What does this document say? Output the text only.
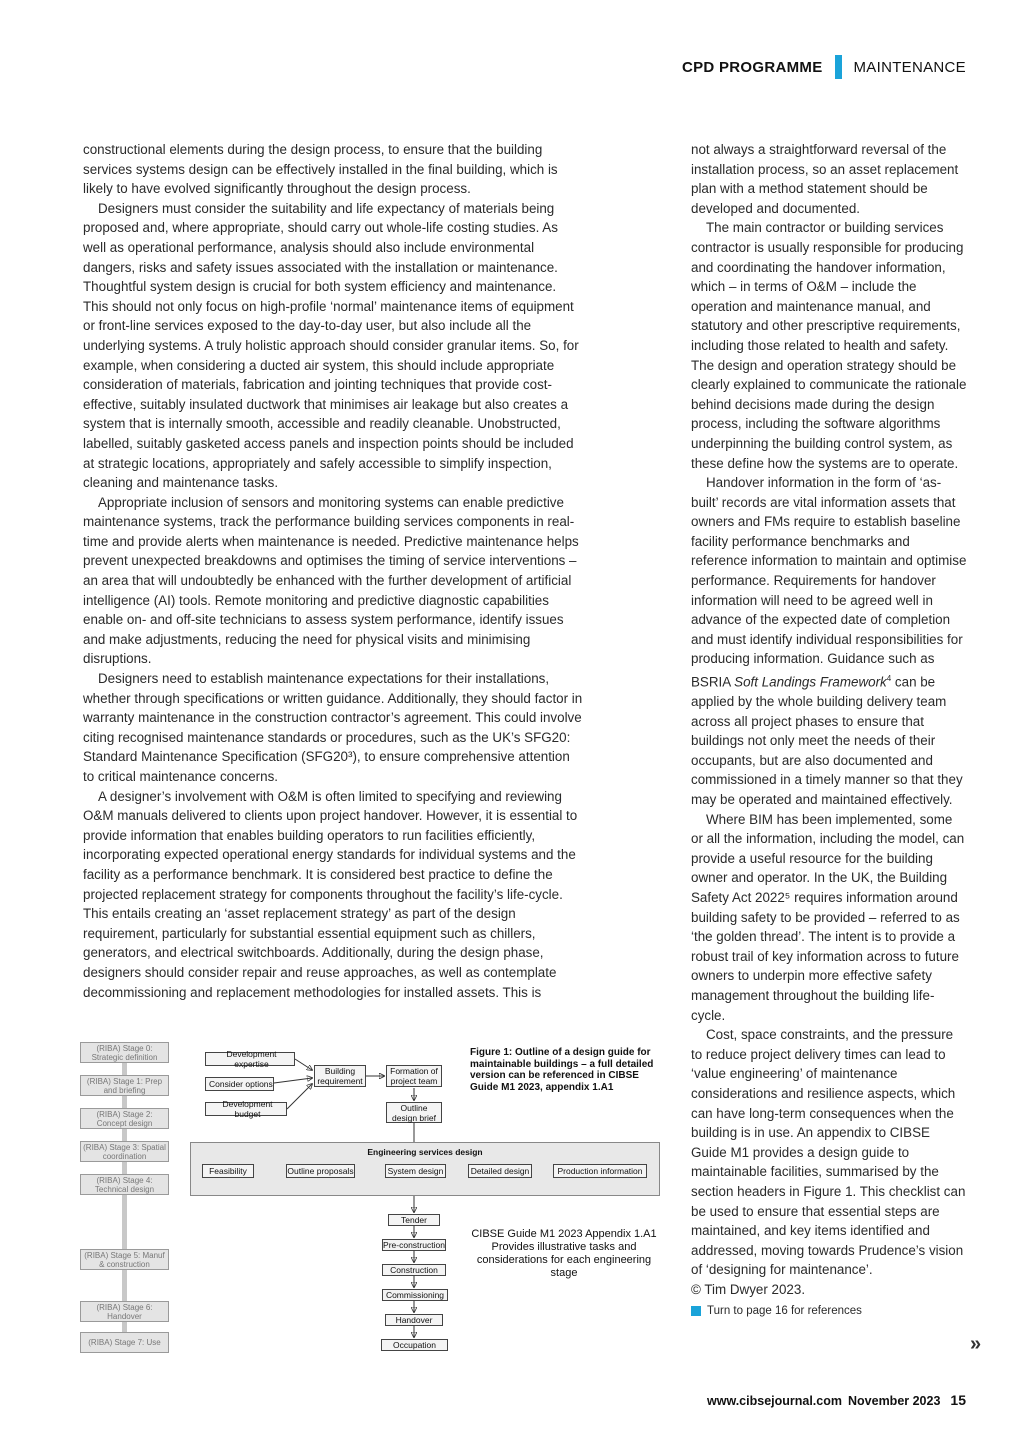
CPD PROGRAMME MAINTENANCE

constructional elements during the design process, to ensure that the building services systems design can be effectively installed in the final building, which is likely to have evolved significantly throughout the design process.

Designers must consider the suitability and life expectancy of materials being proposed and, where appropriate, should carry out whole-life costing studies. As well as operational performance, analysis should also include environmental dangers, risks and safety issues associated with the installation or maintenance. Thoughtful system design is crucial for both system efficiency and maintenance. This should not only focus on high-profile ‘normal’ maintenance items of equipment or front-line services exposed to the day-to-day user, but also include all the underlying systems. A truly holistic approach should consider granular items. So, for example, when considering a ducted air system, this should include appropriate consideration of materials, fabrication and jointing techniques that provide cost-effective, suitably insulated ductwork that minimises air leakage but also creates a system that is internally smooth, accessible and readily cleanable. Unobstructed, labelled, suitably gasketed access panels and inspection points should be included at strategic locations, appropriately and safely accessible to simplify inspection, cleaning and maintenance tasks.

Appropriate inclusion of sensors and monitoring systems can enable predictive maintenance systems, track the performance building services components in real-time and provide alerts when maintenance is needed. Predictive maintenance helps prevent unexpected breakdowns and optimises the timing of service interventions – an area that will undoubtedly be enhanced with the further development of artificial intelligence (AI) tools. Remote monitoring and predictive diagnostic capabilities enable on- and off-site technicians to assess system performance, identify issues and make adjustments, reducing the need for physical visits and minimising disruptions.

Designers need to establish maintenance expectations for their installations, whether through specifications or written guidance. Additionally, they should factor in warranty maintenance in the construction contractor’s agreement. This could involve citing recognised maintenance standards or procedures, such as the UK’s SFG20: Standard Maintenance Specification (SFG20³), to ensure comprehensive attention to critical maintenance concerns.

A designer’s involvement with O&M is often limited to specifying and reviewing O&M manuals delivered to clients upon project handover. However, it is essential to provide information that enables building operators to run facilities efficiently, incorporating expected operational energy standards for individual systems and the facility as a performance benchmark. It is considered best practice to define the projected replacement strategy for components throughout the facility’s life-cycle. This entails creating an ‘asset replacement strategy’ as part of the design requirement, particularly for substantial essential equipment such as chillers, generators, and electrical switchboards. Additionally, during the design phase, designers should consider repair and reuse approaches, as well as contemplate decommissioning and replacement methodologies for installed assets. This is

not always a straightforward reversal of the installation process, so an asset replacement plan with a method statement should be developed and documented.

The main contractor or building services contractor is usually responsible for producing and coordinating the handover information, which – in terms of O&M – include the operation and maintenance manual, and statutory and other prescriptive requirements, including those related to health and safety. The design and operation strategy should be clearly explained to communicate the rationale behind decisions made during the design process, including the software algorithms underpinning the building control system, as these define how the systems are to operate.

Handover information in the form of ‘as-built’ records are vital information assets that owners and FMs require to establish baseline facility performance benchmarks and reference information to maintain and optimise performance. Requirements for handover information will need to be agreed well in advance of the expected date of completion and must identify individual responsibilities for producing information. Guidance such as BSRIA Soft Landings Framework$^4$ can be applied by the whole building delivery team across all project phases to ensure that buildings not only meet the needs of their occupants, but are also documented and commissioned in a timely manner so that they may be operated and maintained effectively.

Where BIM has been implemented, some or all the information, including the model, can provide a useful resource for the building owner and operator. In the UK, the Building Safety Act 2022⁵ requires information around building safety to be provided – referred to as ‘the golden thread’. The intent is to provide a robust trail of key information across to future owners to underpin more effective safety management throughout the building life-cycle.

Cost, space constraints, and the pressure to reduce project delivery times can lead to ‘value engineering’ of maintenance considerations and resilience aspects, which can have long-term consequences when the building is in use. An appendix to CIBSE Guide M1 provides a design guide to maintainable facilities, summarised by the section headers in Figure 1. This checklist can be used to ensure that essential steps are maintained, and key items identified and addressed, moving towards Prudence’s vision of ‘designing for maintenance’.

© Tim Dwyer 2023.

Turn to page 16 for references
»
(RIBA) Stage 0: Strategic definition
(RIBA) Stage 1: Prep and briefing
(RIBA) Stage 2: Concept design
(RIBA) Stage 3: Spatial coordination
(RIBA) Stage 4: Technical design
(RIBA) Stage 5: Manuf & construction
(RIBA) Stage 6: Handover
(RIBA) Stage 7: Use
Development expertise
Consider options
Development budget
Building requirement
Formation of project team
Outline design brief
Engineering services design
Feasibility	Outline proposals	System design	Detailed design	Production information
Tender
Pre-construction
Construction
Commissioning
Handover
Occupation
Figure 1: Outline of a design guide for maintainable buildings – a full detailed version can be referenced in CIBSE Guide M1 2023, appendix 1.A1
CIBSE Guide M1 2023 Appendix 1.A1 Provides illustrative tasks and considerations for each engineering stage
www.cibsejournal.com November 2023 15
